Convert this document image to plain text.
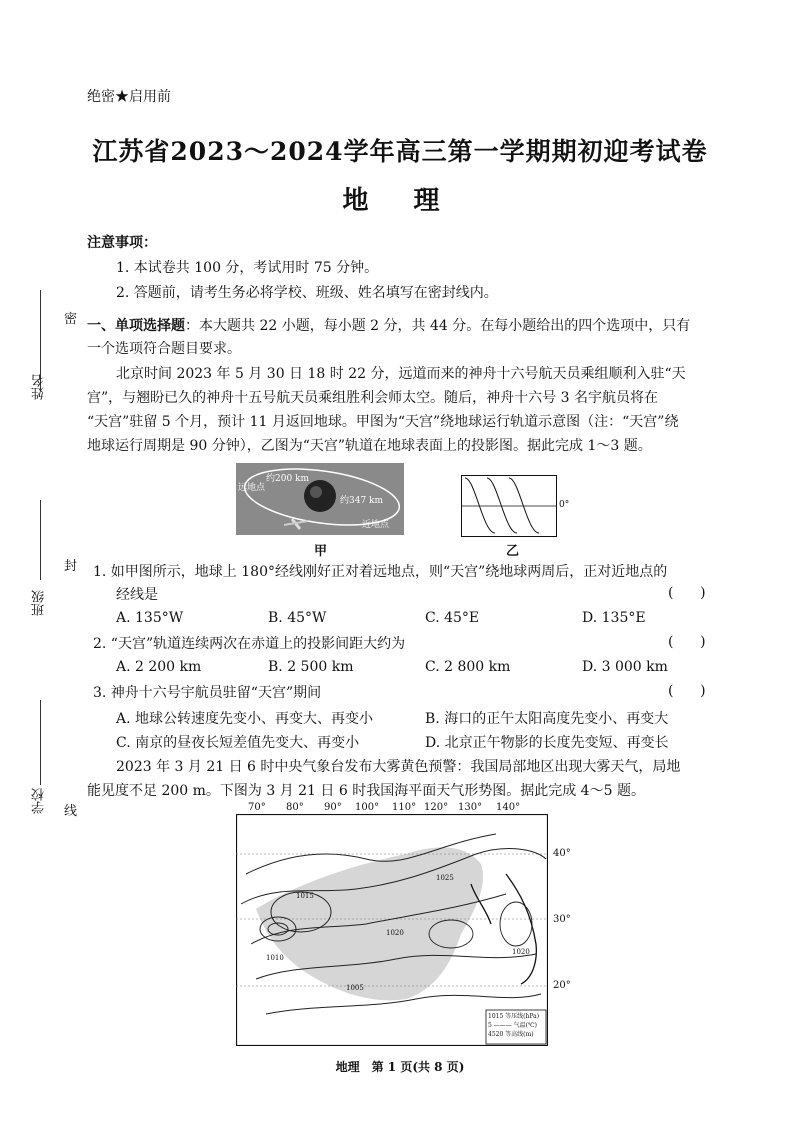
绝密★启用前
江苏省2023～2024学年高三第一学期期初迎考试卷
地 理
姓名
班级
学校
密
封
线
注意事项：
1. 本试卷共 100 分，考试用时 75 分钟。
2. 答题前，请考生务必将学校、班级、姓名填写在密封线内。
一、单项选择题：本大题共 22 小题，每小题 2 分，共 44 分。在每小题给出的四个选项中，只有
一个选项符合题目要求。
北京时间 2023 年 5 月 30 日 18 时 22 分，远道而来的神舟十六号航天员乘组顺利入驻“天
宫”，与翘盼已久的神舟十五号航天员乘组胜利会师太空。随后，神舟十六号 3 名宇航员将在
“天宫”驻留 5 个月，预计 11 月返回地球。甲图为“天宫”绕地球运行轨道示意图（注：“天宫”绕
地球运行周期是 90 分钟），乙图为“天宫”轨道在地球表面上的投影图。据此完成 1～3 题。
远地点
近地点
约200 km
约347 km
甲
0°
乙
1. 如甲图所示，地球上 180°经线刚好正对着远地点，则“天宫”绕地球两周后，正对近地点的
经线是	(      )
A. 135°W	B. 45°W	C. 45°E	D. 135°E
2. “天宫”轨道连续两次在赤道上的投影间距大约为	(      )
A. 2 200 km	B. 2 500 km	C. 2 800 km	D. 3 000 km
3. 神舟十六号宇航员驻留“天宫”期间	(      )
A. 地球公转速度先变小、再变大、再变小	B. 海口的正午太阳高度先变小、再变大
C. 南京的昼夜长短差值先变大、再变小	D. 北京正午物影的长度先变短、再变长
2023 年 3 月 21 日 6 时中央气象台发布大雾黄色预警：我国局部地区出现大雾天气，局地
能见度不足 200 m。下图为 3 月 21 日 6 时我国海平面天气形势图。据此完成 4～5 题。
1015 等压线(hPa)
5 ——— 气温(℃)
4520 等高线(m)
1015
1020
1025
1010
1005
1020
70° 80° 90° 100° 110° 120° 130° 140°
40°
30°
20°
地理　第 1 页(共 8 页)
